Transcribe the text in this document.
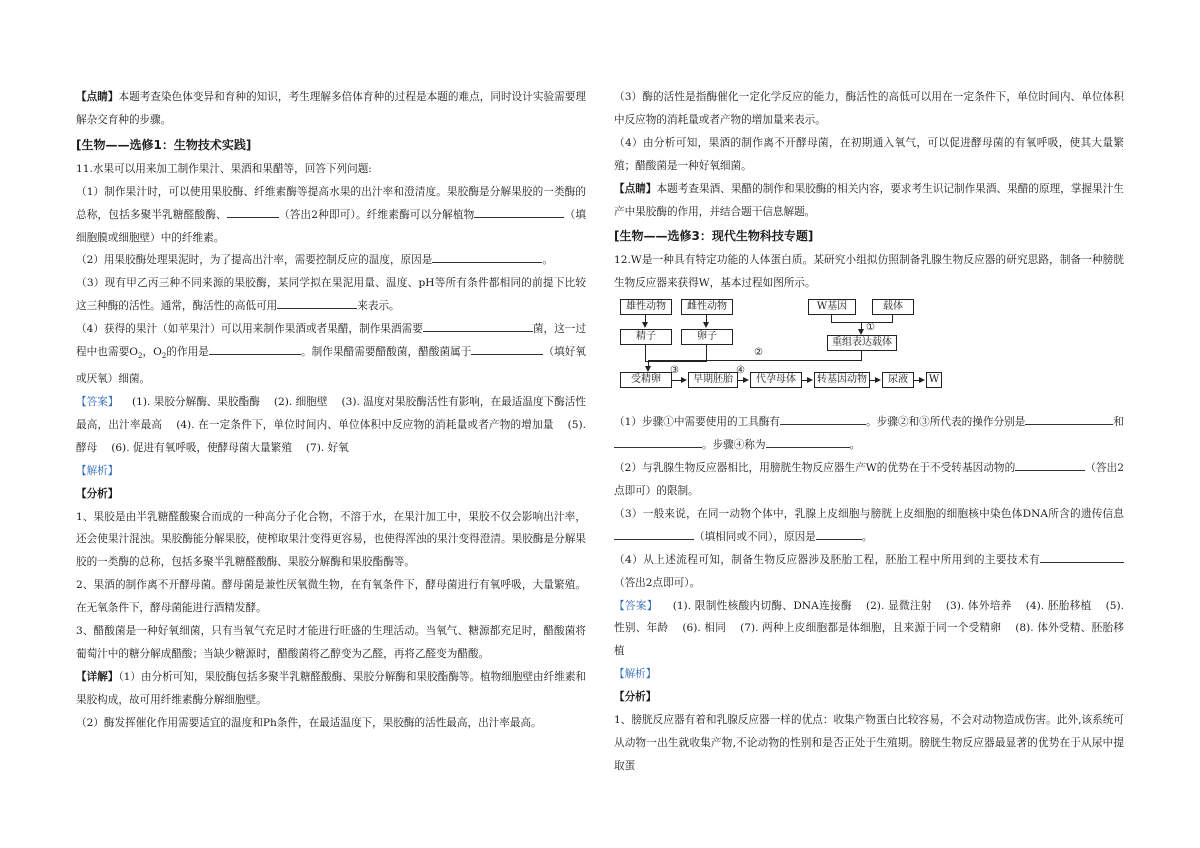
【点睛】本题考查染色体变异和育种的知识，考生理解多倍体育种的过程是本题的难点，同时设计实验需要理解杂交育种的步骤。

[生物——选修1：生物技术实践]

11.水果可以用来加工制作果汁、果酒和果醋等，回答下列问题:

（1）制作果汁时，可以使用果胶酶、纤维素酶等提高水果的出汁率和澄清度。果胶酶是分解果胶的一类酶的总称，包括多聚半乳糖醛酸酶、	（答出2种即可）。纤维素酶可以分解植物	（填细胞膜或细胞壁）中的纤维素。

（2）用果胶酶处理果泥时，为了提高出汁率，需要控制反应的温度，原因是	。

（3）现有甲乙丙三种不同来源的果胶酶，某同学拟在果泥用量、温度、pH等所有条件都相同的前提下比较这三种酶的活性。通常，酶活性的高低可用	来表示。

（4）获得的果汁（如苹果汁）可以用来制作果酒或者果醋，制作果酒需要	菌，这一过程中也需要$O_2$，$O_2$的作用是	。制作果醋需要醋酸菌，醋酸菌属于	（填好氧或厌氧）细菌。

【答案】 (1). 果胶分解酶、果胶酯酶 (2). 细胞壁 (3). 温度对果胶酶活性有影响，在最适温度下酶活性最高，出汁率最高 (4). 在一定条件下，单位时间内、单位体积中反应物的消耗量或者产物的增加量 (5). 酵母 (6). 促进有氧呼吸，使酵母菌大量繁殖 (7). 好氧

【解析】

【分析】

1、果胶是由半乳糖醛酸聚合而成的一种高分子化合物，不溶于水，在果汁加工中，果胶不仅会影响出汁率，还会使果汁混浊。果胶酶能分解果胶，使榨取果汁变得更容易，也使得浑浊的果汁变得澄清。果胶酶是分解果胶的一类酶的总称，包括多聚半乳糖醛酸酶、果胶分解酶和果胶酯酶等。

2、果酒的制作离不开酵母菌。酵母菌是兼性厌氧微生物，在有氧条件下，酵母菌进行有氧呼吸，大量繁殖。在无氧条件下，酵母菌能进行酒精发酵。

3、醋酸菌是一种好氧细菌，只有当氧气充足时才能进行旺盛的生理活动。当氧气、糖源都充足时，醋酸菌将葡萄汁中的糖分解成醋酸；当缺少糖源时，醋酸菌将乙醇变为乙醛，再将乙醛变为醋酸。

【详解】（1）由分析可知，果胶酶包括多聚半乳糖醛酸酶、果胶分解酶和果胶酯酶等。植物细胞壁由纤维素和果胶构成，故可用纤维素酶分解细胞壁。

（2）酶发挥催化作用需要适宜的温度和Ph条件，在最适温度下，果胶酶的活性最高，出汁率最高。

（3）酶的活性是指酶催化一定化学反应的能力，酶活性的高低可以用在一定条件下，单位时间内、单位体积中反应物的消耗量或者产物的增加量来表示。

（4）由分析可知，果酒的制作离不开酵母菌，在初期通入氧气，可以促进酵母菌的有氧呼吸，使其大量繁殖；醋酸菌是一种好氧细菌。

【点睛】本题考查果酒、果醋的制作和果胶酶的相关内容，要求考生识记制作果酒、果醋的原理，掌握果汁生产中果胶酶的作用，并结合题干信息解题。

[生物——选修3：现代生物科技专题]

12.W是一种具有特定功能的人体蛋白质。某研究小组拟仿照制备乳腺生物反应器的研究思路，制备一种膀胱生物反应器来获得W，基本过程如图所示。

雄性动物	雌性动物	W基因	载体
①
精子	卵子
重组表达载体
②
受精卵
③
早期胚胎
④
代孕母体	转基因动物	尿液	W

（1）步骤①中需要使用的工具酶有	。步骤②和③所代表的操作分别是	和。步骤④称为	。

（2）与乳腺生物反应器相比，用膀胱生物反应器生产W的优势在于不受转基因动物的	（答出2点即可）的限制。

（3）一般来说，在同一动物个体中，乳腺上皮细胞与膀胱上皮细胞的细胞核中染色体DNA所含的遗传信息（填相同或不同），原因是	。

（4）从上述流程可知，制备生物反应器涉及胚胎工程，胚胎工程中所用到的主要技术有（答出2点即可）。

【答案】 (1). 限制性核酸内切酶、DNA连接酶 (2). 显微注射 (3). 体外培养 (4). 胚胎移植 (5). 性别、年龄 (6). 相同 (7). 两种上皮细胞都是体细胞，且来源于同一个受精卵 (8). 体外受精、胚胎移植

【解析】

【分析】

1、膀胱反应器有着和乳腺反应器一样的优点：收集产物蛋白比较容易，不会对动物造成伤害。此外,该系统可从动物一出生就收集产物,不论动物的性别和是否正处于生殖期。膀胱生物反应器最显著的优势在于从尿中提取蛋
